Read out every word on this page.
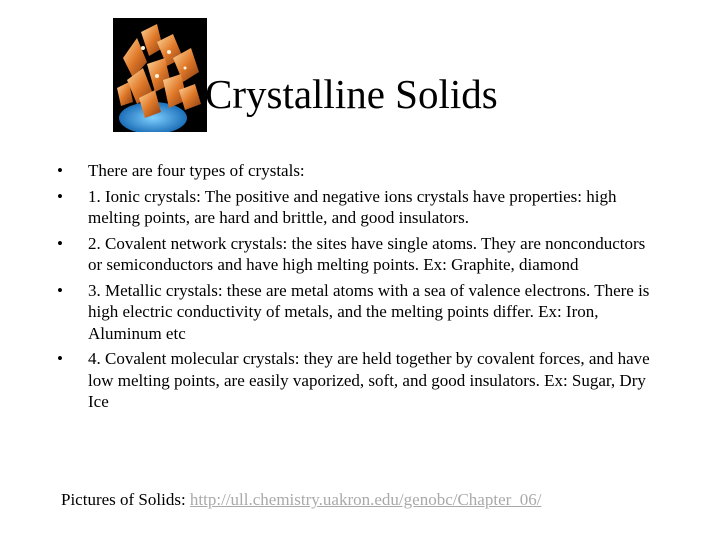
Crystalline Solids
•	There are four types of crystals:
•	1. Ionic crystals: The positive and negative ions crystals have properties: high melting points, are hard and brittle, and good insulators.
•	2. Covalent network crystals: the sites have single atoms. They are nonconductors or semiconductors and have high melting points. Ex: Graphite, diamond
•	3. Metallic crystals: these are metal atoms with a sea of valence electrons. There is high electric conductivity of metals, and the melting points differ. Ex: Iron, Aluminum etc
•	4. Covalent molecular crystals: they are held together by covalent forces, and have low melting points, are easily vaporized, soft, and good insulators. Ex: Sugar, Dry Ice
Pictures of Solids: http://ull.chemistry.uakron.edu/genobc/Chapter_06/
